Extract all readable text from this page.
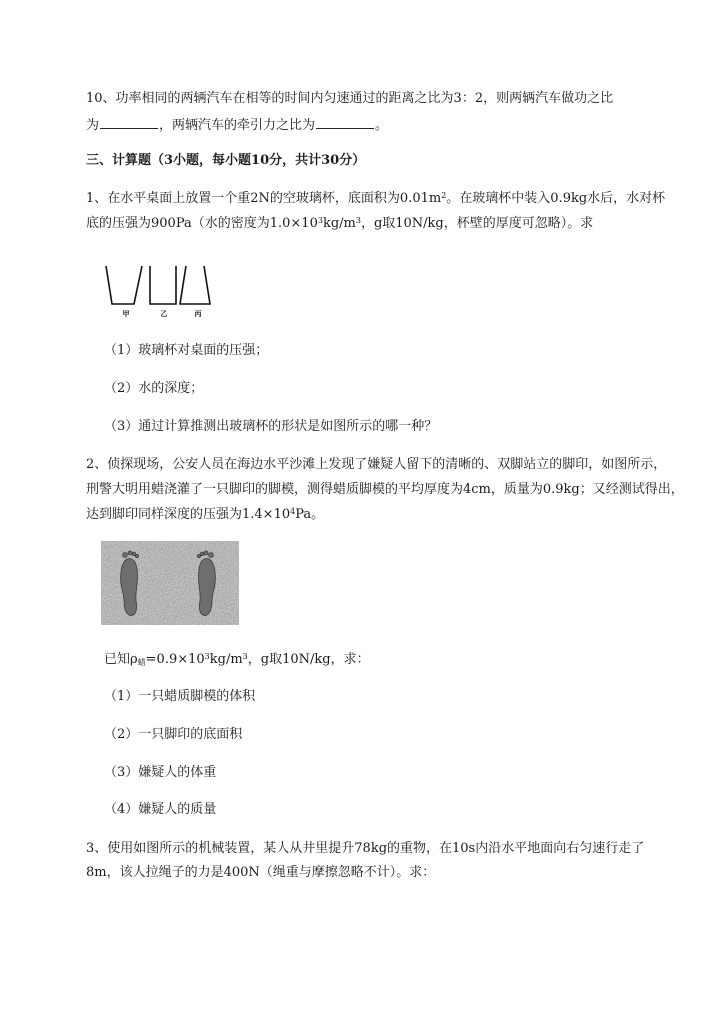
10、功率相同的两辆汽车在相等的时间内匀速通过的距离之比为3：2，则两辆汽车做功之比
为	，两辆汽车的牵引力之比为	。
三、计算题（3小题，每小题10分，共计30分）
1、在水平桌面上放置一个重2N的空玻璃杯，底面积为$0.01m^2$。在玻璃杯中装入0.9kg水后，水对杯
底的压强为900Pa（水的密度为$1.0\times 10^3kg/m^3$，g取10N/kg，杯壁的厚度可忽略）。求
甲	乙	丙
（1）玻璃杯对桌面的压强；
（2）水的深度；
（3）通过计算推测出玻璃杯的形状是如图所示的哪一种？
2、侦探现场，公安人员在海边水平沙滩上发现了嫌疑人留下的清晰的、双脚站立的脚印，如图所示，
刑警大明用蜡浇灌了一只脚印的脚模，测得蜡质脚模的平均厚度为4cm，质量为0.9kg；又经测试得出，
达到脚印同样深度的压强为$1.4\times 10^4Pa$。
已知$\rho_蜡=0.9\times 10^3kg/m^3$，g取10N/kg，求：
（1）一只蜡质脚模的体积
（2）一只脚印的底面积
（3）嫌疑人的体重
（4）嫌疑人的质量
3、使用如图所示的机械装置，某人从井里提升78kg的重物，在10s内沿水平地面向右匀速行走了
8m，该人拉绳子的力是400N（绳重与摩擦忽略不计）。求：
